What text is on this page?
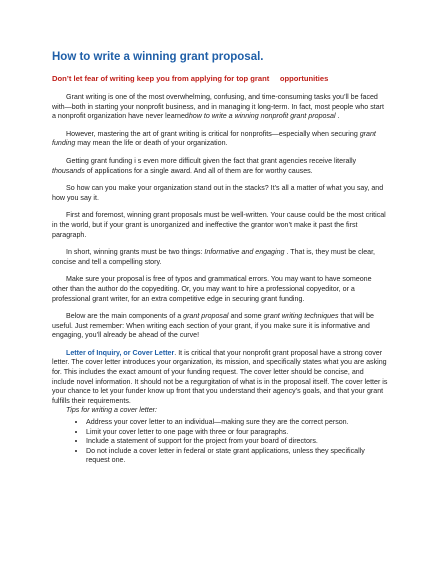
How to write a winning grant proposal.
Don’t let fear of writing keep you from applying for top grant     opportunities

Grant writing is one of the most overwhelming, confusing, and time-consuming tasks you’ll be faced with—both in starting your nonprofit business, and in managing it long-term. In fact, most people who start a nonprofit organization have never learnedhow to write a winning nonprofit grant proposal .

However, mastering the art of grant writing is critical for nonprofits—especially when securing grant funding may mean the life or death of your organization.

Getting grant funding i s even more difficult given the fact that grant agencies receive literally thousands of applications for a single award. And all of them are for worthy causes.

So how can you make your organization stand out in the stacks? It’s all a matter of what you say, and how you say it.

First and foremost, winning grant proposals must be well-written. Your cause could be the most critical in the world, but if your grant is unorganized and ineffective the grantor won’t make it past the first paragraph.

In short, winning grants must be two things: Informative and engaging . That is, they must be clear, concise and tell a compelling story.

Make sure your proposal is free of typos and grammatical errors. You may want to have someone other than the author do the copyediting. Or, you may want to hire a professional copyeditor, or a professional grant writer, for an extra competitive edge in securing grant funding.

Below are the main components of a grant proposal and some grant writing techniques that will be useful. Just remember: When writing each section of your grant, if you make sure it is informative and engaging, you’ll already be ahead of the curve!

Letter of Inquiry, or Cover Letter. It is critical that your nonprofit grant proposal have a strong cover letter. The cover letter introduces your organization, its mission, and specifically states what you are asking for. This includes the exact amount of your funding request. The cover letter should be concise, and include novel information. It should not be a regurgitation of what is in the proposal itself. The cover letter is your chance to let your funder know up front that you understand their agency’s goals, and that your grant fulfills their requirements.

Tips for writing a cover letter:
• Address your cover letter to an individual—making sure they are the correct person.
• Limit your cover letter to one page with three or four paragraphs.
• Include a statement of support for the project from your board of directors.
• Do not include a cover letter in federal or state grant applications, unless they specifically request one.
